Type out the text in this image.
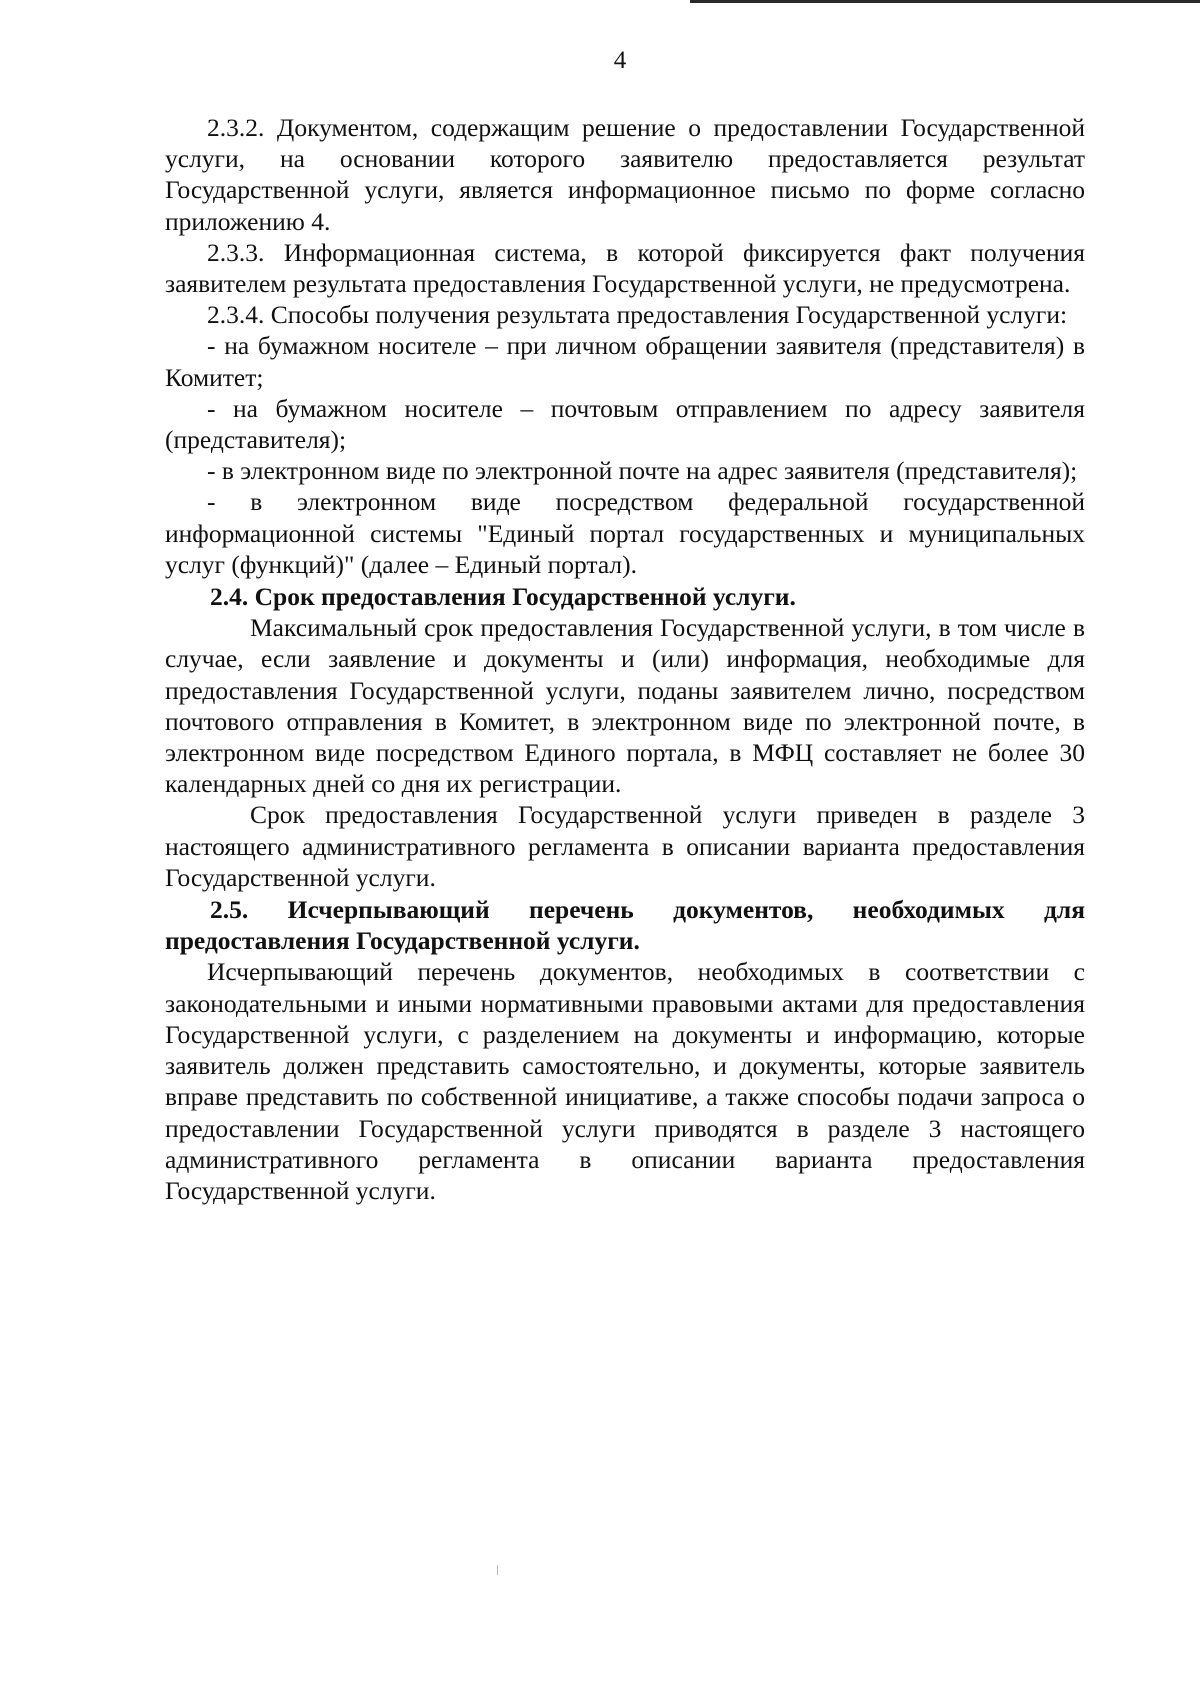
4

2.3.2. Документом, содержащим решение о предоставлении Государственной услуги, на основании которого заявителю предоставляется результат Государственной услуги, является информационное письмо по форме согласно приложению 4.

2.3.3. Информационная система, в которой фиксируется факт получения заявителем результата предоставления Государственной услуги, не предусмотрена.

2.3.4. Способы получения результата предоставления Государственной услуги:

- на бумажном носителе – при личном обращении заявителя (представителя) в Комитет;

- на бумажном носителе – почтовым отправлением по адресу заявителя (представителя);

- в электронном виде по электронной почте на адрес заявителя (представителя);

- в электронном виде посредством федеральной государственной информационной системы "Единый портал государственных и муниципальных услуг (функций)" (далее – Единый портал).

2.4. Срок предоставления Государственной услуги.

Максимальный срок предоставления Государственной услуги, в том числе в случае, если заявление и документы и (или) информация, необходимые для предоставления Государственной услуги, поданы заявителем лично, посредством почтового отправления в Комитет, в электронном виде по электронной почте, в электронном виде посредством Единого портала, в МФЦ составляет не более 30 календарных дней со дня их регистрации.

Срок предоставления Государственной услуги приведен в разделе 3 настоящего административного регламента в описании варианта предоставления Государственной услуги.

2.5. Исчерпывающий перечень документов, необходимых для предоставления Государственной услуги.

Исчерпывающий перечень документов, необходимых в соответствии с законодательными и иными нормативными правовыми актами для предоставления Государственной услуги, с разделением на документы и информацию, которые заявитель должен представить самостоятельно, и документы, которые заявитель вправе представить по собственной инициативе, а также способы подачи запроса о предоставлении Государственной услуги приводятся в разделе 3 настоящего административного регламента в описании варианта предоставления Государственной услуги.
